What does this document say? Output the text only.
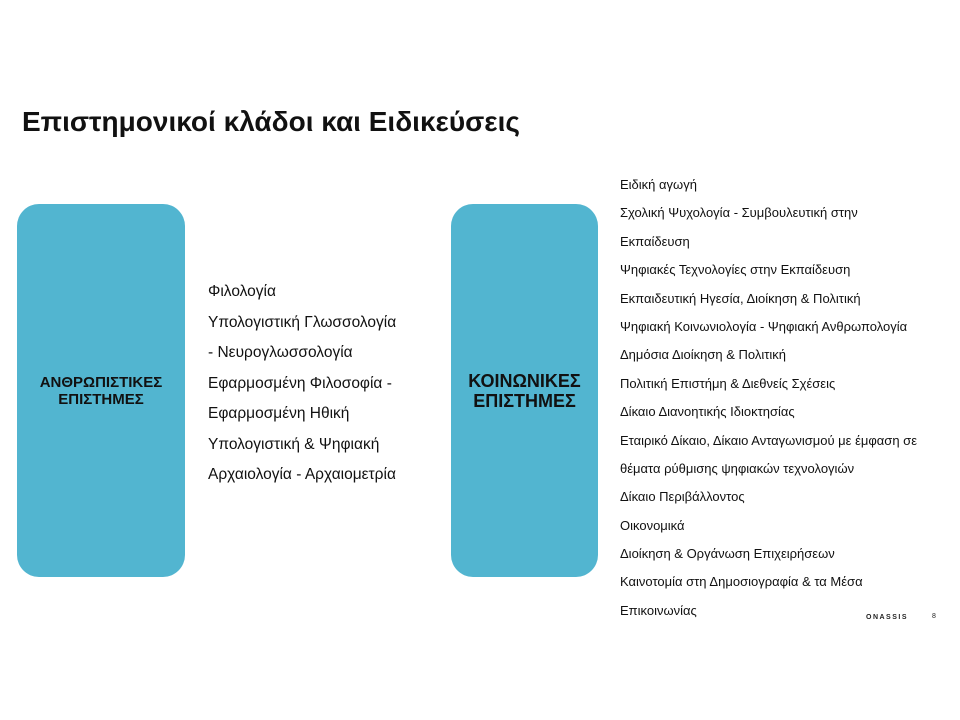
Επιστημονικοί κλάδοι και Ειδικεύσεις
ΑΝΘΡΩΠΙΣΤΙΚΕΣ
ΕΠΙΣΤΗΜΕΣ
Φιλολογία
Υπολογιστική Γλωσσολογία
- Νευρογλωσσολογία
Εφαρμοσμένη Φιλοσοφία -
Εφαρμοσμένη Ηθική
Υπολογιστική & Ψηφιακή
Αρχαιολογία - Αρχαιομετρία
ΚΟΙΝΩΝΙΚΕΣ
ΕΠΙΣΤΗΜΕΣ
Ειδική αγωγή
Σχολική Ψυχολογία - Συμβουλευτική στην
Εκπαίδευση
Ψηφιακές Τεχνολογίες στην Εκπαίδευση
Εκπαιδευτική Ηγεσία, Διοίκηση & Πολιτική
Ψηφιακή Κοινωνιολογία - Ψηφιακή Ανθρωπολογία
Δημόσια Διοίκηση & Πολιτική
Πολιτική Επιστήμη & Διεθνείς Σχέσεις
Δίκαιο Διανοητικής Ιδιοκτησίας
Εταιρικό Δίκαιο, Δίκαιο Ανταγωνισμού με έμφαση σε
θέματα ρύθμισης ψηφιακών τεχνολογιών
Δίκαιο Περιβάλλοντος
Οικονομικά
Διοίκηση & Οργάνωση Επιχειρήσεων
Καινοτομία στη Δημοσιογραφία & τα Μέσα
Επικοινωνίας	ONASSIS	8
